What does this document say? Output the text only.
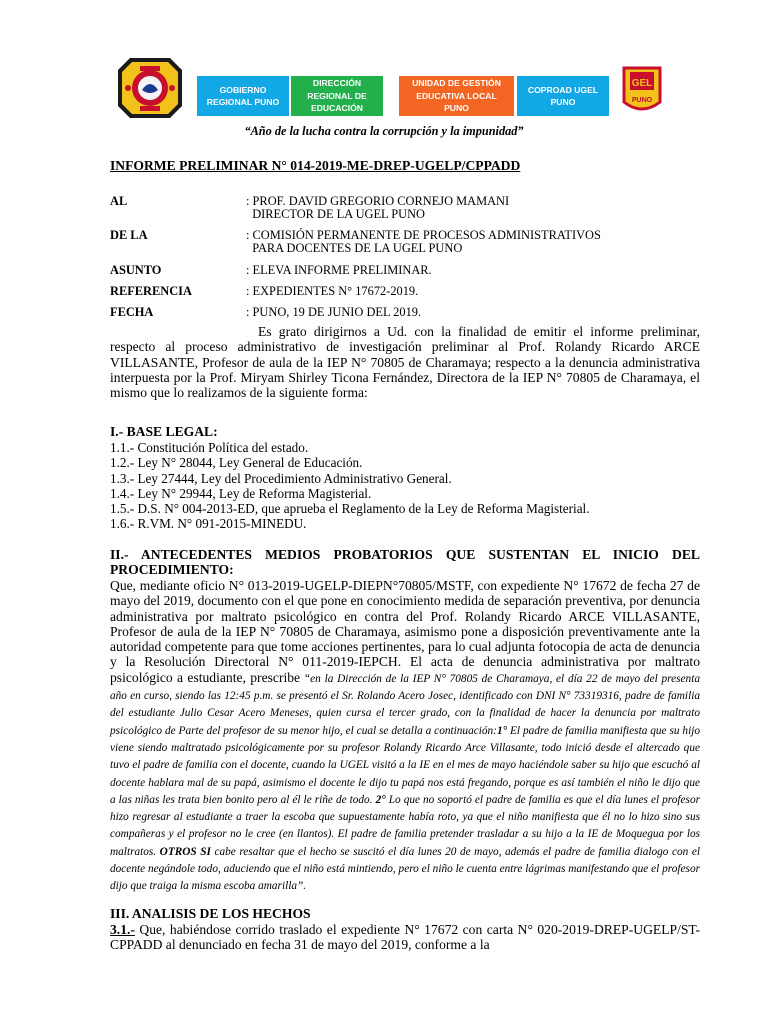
GOBIERNO
REGIONAL PUNO
DIRECCIÓN
REGIONAL DE
EDUCACIÓN
UNIDAD DE GESTIÓN
EDUCATIVA LOCAL
PUNO
COPROAD UGEL
PUNO
GEL
PUNO
“Año de la lucha contra la corrupción y la impunidad”
INFORME PRELIMINAR N° 014-2019-ME-DREP-UGELP/CPPADD
AL	: PROF. DAVID GREGORIO CORNEJO MAMANI
DIRECTOR DE LA UGEL PUNO
DE LA	: COMISIÓN PERMANENTE DE PROCESOS ADMINISTRATIVOS
PARA DOCENTES DE LA UGEL PUNO
ASUNTO	: ELEVA INFORME PRELIMINAR.
REFERENCIA	: EXPEDIENTES N° 17672-2019.
FECHA	: PUNO, 19 DE JUNIO DEL 2019.
Es grato dirigirnos a Ud. con la finalidad de emitir el informe preliminar, respecto al proceso administrativo de investigación preliminar al Prof. Rolandy Ricardo ARCE VILLASANTE, Profesor de aula de la IEP N° 70805 de Charamaya; respecto a la denuncia administrativa interpuesta por la Prof. Miryam Shirley Ticona Fernández, Directora de la IEP N° 70805 de Charamaya, el mismo que lo realizamos de la siguiente forma:
I.- BASE LEGAL:
1.1.- Constitución Política del estado.
1.2.- Ley N° 28044, Ley General de Educación.
1.3.- Ley 27444, Ley del Procedimiento Administrativo General.
1.4.- Ley N° 29944, Ley de Reforma Magisterial.
1.5.- D.S. N° 004-2013-ED, que aprueba el Reglamento de la Ley de Reforma Magisterial.
1.6.- R.VM. N° 091-2015-MINEDU.
II.- ANTECEDENTES MEDIOS PROBATORIOS QUE SUSTENTAN EL INICIO DEL PROCEDIMIENTO:
Que, mediante oficio N° 013-2019-UGELP-DIEPN°70805/MSTF, con expediente N° 17672 de fecha 27 de mayo del 2019, documento con el que pone en conocimiento medida de separación preventiva, por denuncia administrativa por maltrato psicológico en contra del Prof. Rolandy Ricardo ARCE VILLASANTE, Profesor de aula de la IEP N° 70805 de Charamaya, asimismo pone a disposición preventivamente ante la autoridad competente para que tome acciones pertinentes, para lo cual adjunta fotocopia de acta de denuncia y la Resolución Directoral N° 011-2019-IEPCH. El acta de denuncia administrativa por maltrato psicológico a estudiante, prescribe “en la Dirección de la IEP N° 70805 de Charamaya, el día 22 de mayo del presenta año en curso, siendo las 12:45 p.m. se presentó el Sr. Rolando Acero Josec, identificado con DNI N° 73319316, padre de familia del estudiante Julio Cesar Acero Meneses, quien cursa el tercer grado, con la finalidad de hacer la denuncia por maltrato psicológico de Parte del profesor de su menor hijo, el cual se detalla a continuación:1° El padre de familia manifiesta que su hijo viene siendo maltratado psicológicamente por su profesor Rolandy Ricardo Arce Villasante, todo inició desde el altercado que tuvo el padre de familia con el docente, cuando la UGEL visitó a la IE en el mes de mayo haciéndole saber su hijo que escuchó al docente hablara mal de su papá, asimismo el docente le dijo tu papá nos está fregando, porque es así también el niño le dijo que a las niñas les trata bien bonito pero al él le riñe de todo. 2° Lo que no soportó el padre de familia es que el día lunes el profesor hizo regresar al estudiante a traer la escoba que supuestamente había roto, ya que el niño manifiesta que él no lo hizo sino sus compañeras y el profesor no le cree (en llantos). El padre de familia pretender trasladar a su hijo a la IE de Moquegua por los maltratos. OTROS SI cabe resaltar que el hecho se suscitó el día lunes 20 de mayo, además el padre de familia dialogo con el docente negándole todo, aduciendo que el niño está mintiendo, pero el niño le cuenta entre lágrimas manifestando que el profesor dijo que traiga la misma escoba amarilla”.
III. ANALISIS DE LOS HECHOS
3.1.- Que, habiéndose corrido traslado el expediente N° 17672 con carta N° 020-2019-DREP-UGELP/ST-CPPADD al denunciado en fecha 31 de mayo del 2019, conforme a la
